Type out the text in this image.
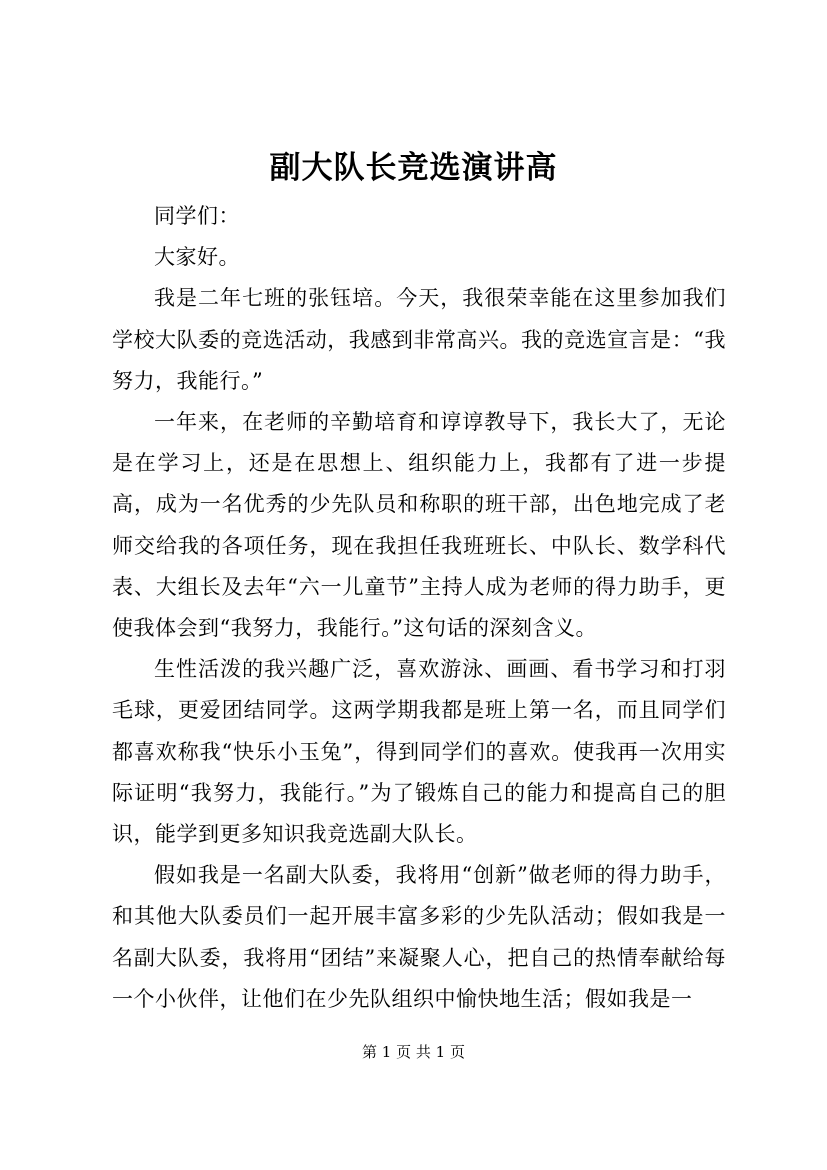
副大队长竞选演讲高

同学们：

大家好。

我是二年七班的张钰培。今天，我很荣幸能在这里参加我们学校大队委的竞选活动，我感到非常高兴。我的竞选宣言是：“我努力，我能行。”

一年来，在老师的辛勤培育和谆谆教导下，我长大了，无论是在学习上，还是在思想上、组织能力上，我都有了进一步提高，成为一名优秀的少先队员和称职的班干部，出色地完成了老师交给我的各项任务，现在我担任我班班长、中队长、数学科代表、大组长及去年“六一儿童节”主持人成为老师的得力助手，更使我体会到“我努力，我能行。”这句话的深刻含义。

生性活泼的我兴趣广泛，喜欢游泳、画画、看书学习和打羽毛球，更爱团结同学。这两学期我都是班上第一名，而且同学们都喜欢称我“快乐小玉兔”，得到同学们的喜欢。使我再一次用实际证明“我努力，我能行。”为了锻炼自己的能力和提高自己的胆识，能学到更多知识我竞选副大队长。

假如我是一名副大队委，我将用“创新”做老师的得力助手，和其他大队委员们一起开展丰富多彩的少先队活动；假如我是一名副大队委，我将用“团结”来凝聚人心，把自己的热情奉献给每一个小伙伴，让他们在少先队组织中愉快地生活；假如我是一

第 1 页 共 1 页
